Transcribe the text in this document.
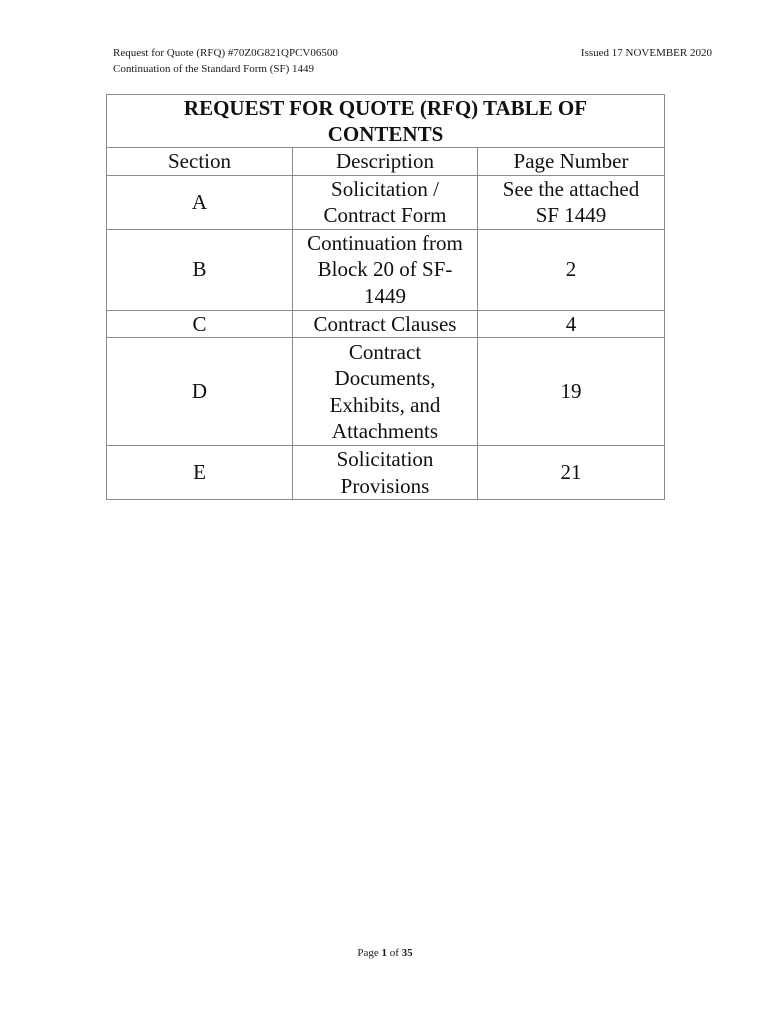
Request for Quote (RFQ) #70Z0G821QPCV06500
Continuation of the Standard Form (SF) 1449
Issued 17 NOVEMBER 2020
REQUEST FOR QUOTE (RFQ) TABLE OF CONTENTS		
Section	Description	Page Number
A	Solicitation / Contract Form	See the attached SF 1449
B	Continuation from Block 20 of SF-1449	2
C	Contract Clauses	4
D	Contract Documents, Exhibits, and Attachments	19
E	Solicitation Provisions	21
Page 1 of 35
